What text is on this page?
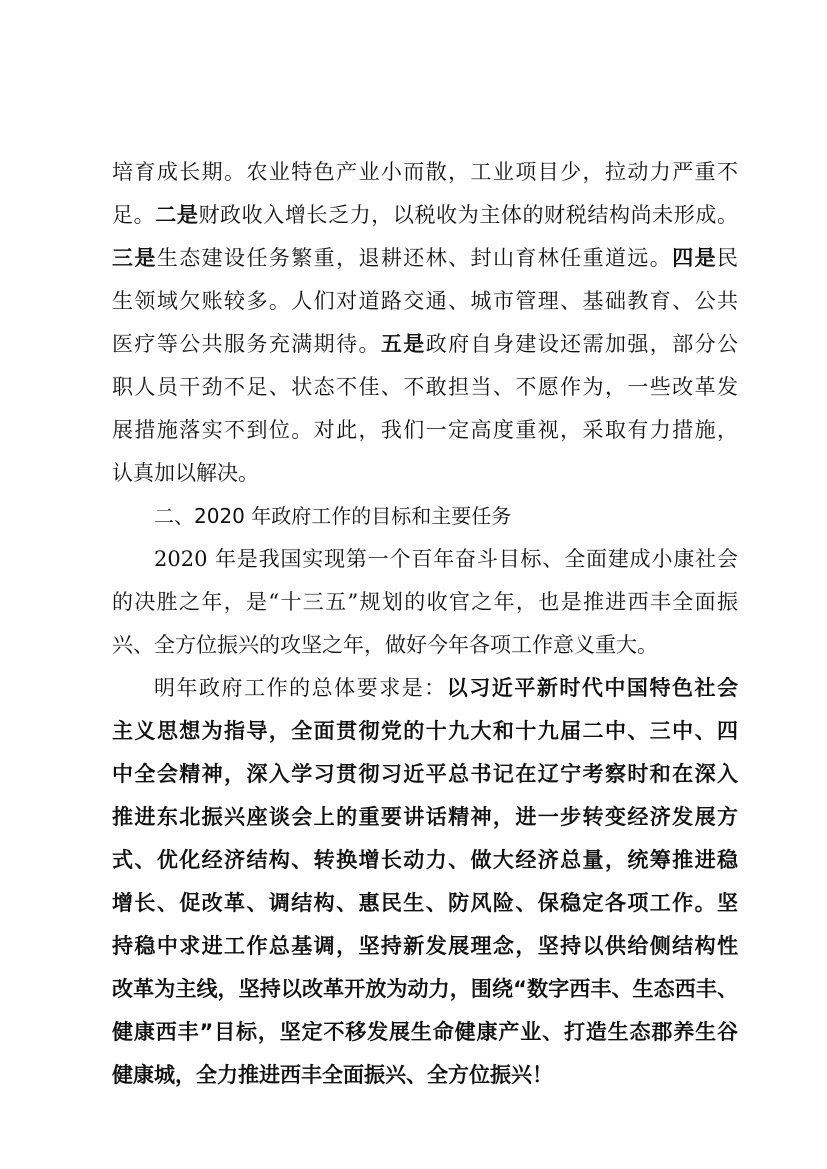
培育成长期。农业特色产业小而散，工业项目少，拉动力严重不
足。二是财政收入增长乏力，以税收为主体的财税结构尚未形成。
三是生态建设任务繁重，退耕还林、封山育林任重道远。四是民
生领域欠账较多。人们对道路交通、城市管理、基础教育、公共
医疗等公共服务充满期待。五是政府自身建设还需加强，部分公
职人员干劲不足、状态不佳、不敢担当、不愿作为，一些改革发
展措施落实不到位。对此，我们一定高度重视，采取有力措施，
认真加以解决。
二、2020 年政府工作的目标和主要任务
2020 年是我国实现第一个百年奋斗目标、全面建成小康社会
的决胜之年，是“十三五”规划的收官之年，也是推进西丰全面振
兴、全方位振兴的攻坚之年，做好今年各项工作意义重大。
明年政府工作的总体要求是：以习近平新时代中国特色社会
主义思想为指导，全面贯彻党的十九大和十九届二中、三中、四
中全会精神，深入学习贯彻习近平总书记在辽宁考察时和在深入
推进东北振兴座谈会上的重要讲话精神，进一步转变经济发展方
式、优化经济结构、转换增长动力、做大经济总量，统筹推进稳
增长、促改革、调结构、惠民生、防风险、保稳定各项工作。坚
持稳中求进工作总基调，坚持新发展理念，坚持以供给侧结构性
改革为主线，坚持以改革开放为动力，围绕“数字西丰、生态西丰、
健康西丰”目标，坚定不移发展生命健康产业、打造生态郡养生谷
健康城，全力推进西丰全面振兴、全方位振兴！
